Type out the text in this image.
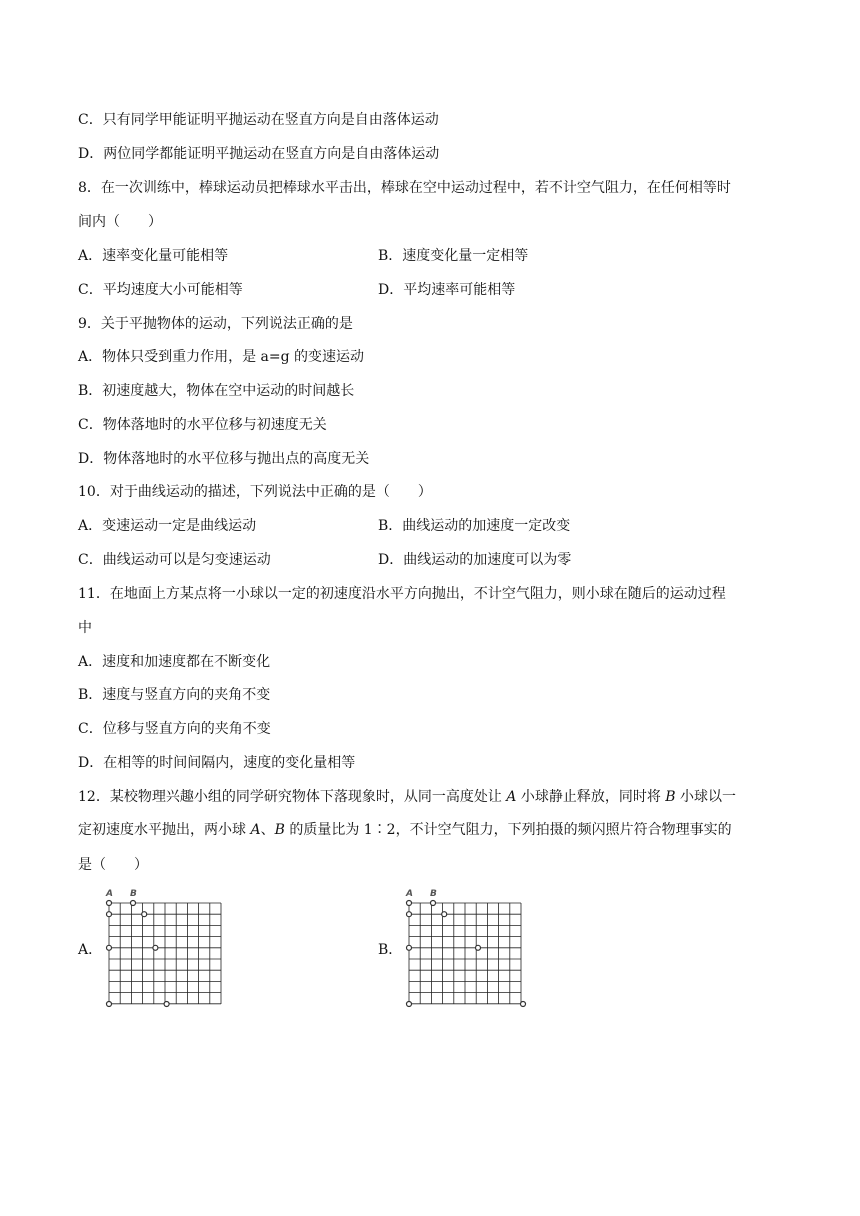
C．只有同学甲能证明平抛运动在竖直方向是自由落体运动
D．两位同学都能证明平抛运动在竖直方向是自由落体运动
8．在一次训练中，棒球运动员把棒球水平击出，棒球在空中运动过程中，若不计空气阻力，在任何相等时
间内（　　）
A．速率变化量可能相等	B．速度变化量一定相等
C．平均速度大小可能相等	D．平均速率可能相等
9．关于平抛物体的运动，下列说法正确的是
A．物体只受到重力作用，是 a=g 的变速运动
B．初速度越大，物体在空中运动的时间越长
C．物体落地时的水平位移与初速度无关
D．物体落地时的水平位移与抛出点的高度无关
10．对于曲线运动的描述，下列说法中正确的是（　　）
A．变速运动一定是曲线运动	B．曲线运动的加速度一定改变
C．曲线运动可以是匀变速运动	D．曲线运动的加速度可以为零
11．在地面上方某点将一小球以一定的初速度沿水平方向抛出，不计空气阻力，则小球在随后的运动过程
中
A．速度和加速度都在不断变化
B．速度与竖直方向的夹角不变
C．位移与竖直方向的夹角不变
D．在相等的时间间隔内，速度的变化量相等
12．某校物理兴趣小组的同学研究物体下落现象时，从同一高度处让 A 小球静止释放，同时将 B 小球以一
定初速度水平抛出，两小球 A、B 的质量比为 1∶2，不计空气阻力，下列拍摄的频闪照片符合物理事实的
是（　　）
A．
A B
B．
A B
